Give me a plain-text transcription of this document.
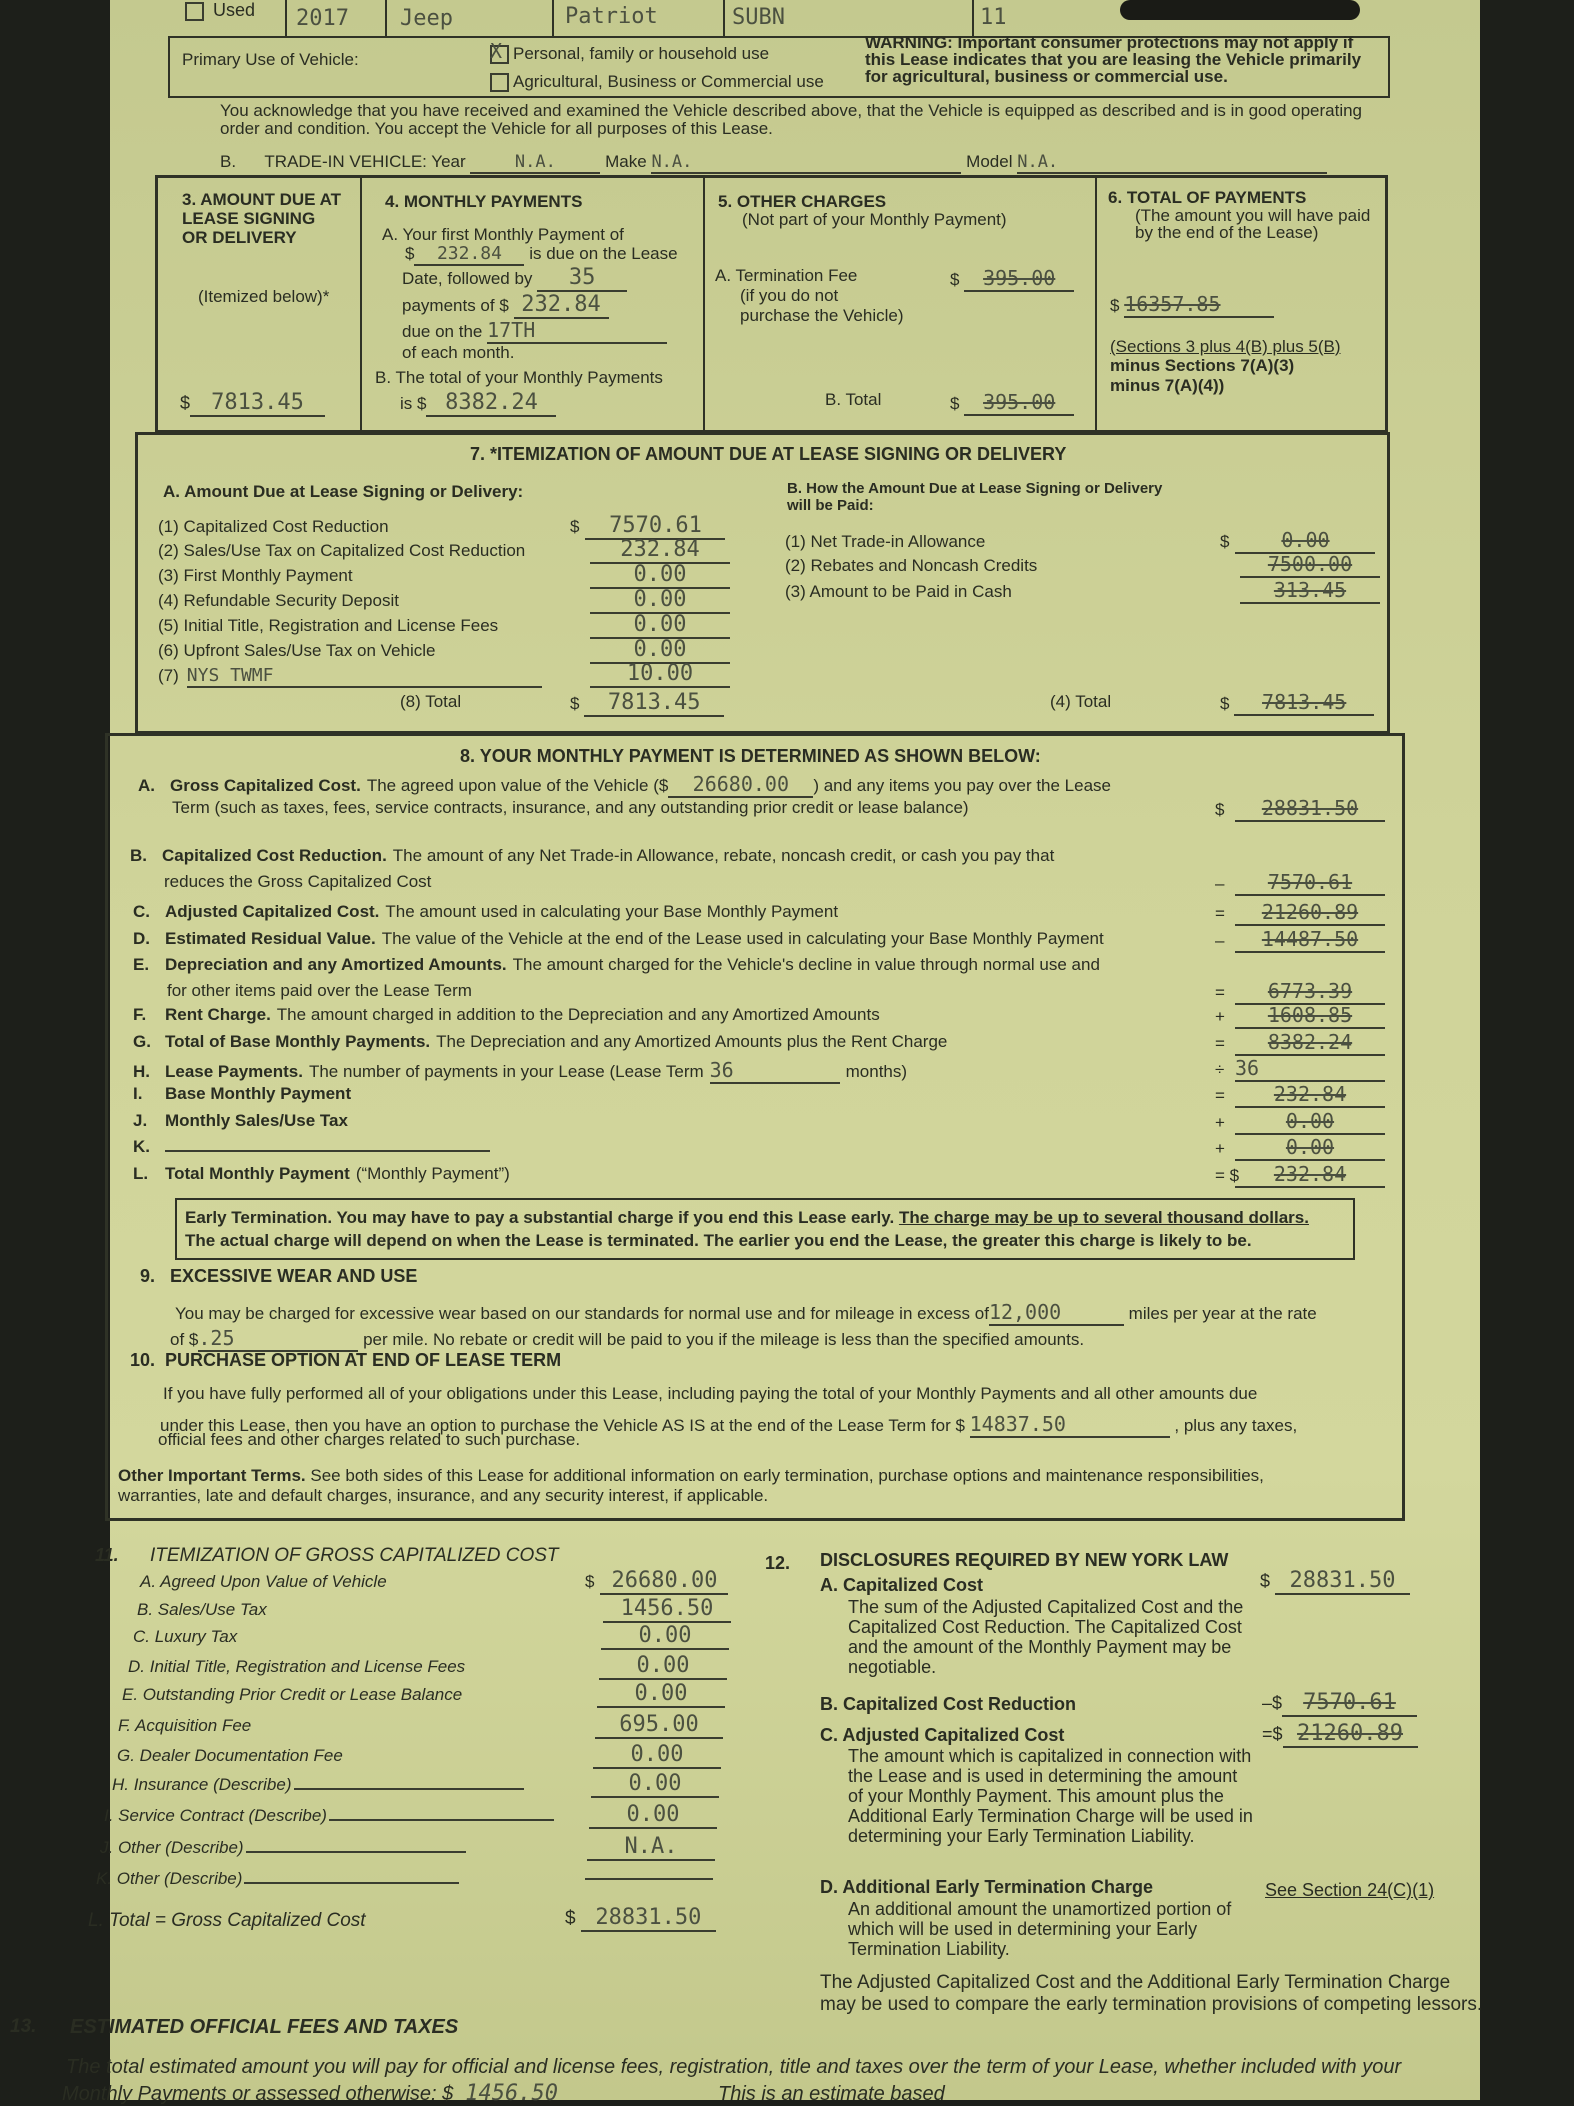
Used 2017 Jeep	Patriot	SUBN	11
Primary Use of Vehicle:	X Personal, family or household use
Agricultural, Business or Commercial use
WARNING: Important consumer protections may not apply if this Lease indicates that you are leasing the Vehicle primarily for agricultural, business or commercial use.
You acknowledge that you have received and examined the Vehicle described above, that the Vehicle is equipped as described and is in good operating order and condition. You accept the Vehicle for all purposes of this Lease.
B. TRADE-IN VEHICLE: Year	N.A.	Make N.A.	Model N.A.
3. AMOUNT DUE AT LEASE SIGNING OR DELIVERY
(Itemized below)*
$ 7813.45
4. MONTHLY PAYMENTS
A. Your first Monthly Payment of
$ 232.84 is due on the Lease
Date, followed by 35
payments of $ 232.84
due on the 17TH
of each month.
B. The total of your Monthly Payments
is $ 8382.24
5. OTHER CHARGES
(Not part of your Monthly Payment)
A. Termination Fee
(if you do not
purchase the Vehicle)
$ 395.00
B. Total	$ 395.00
6. TOTAL OF PAYMENTS
(The amount you will have paid by the end of the Lease)
$ 16357.85
(Sections 3 plus 4(B) plus 5(B)
minus Sections 7(A)(3)
minus 7(A)(4))
7. *ITEMIZATION OF AMOUNT DUE AT LEASE SIGNING OR DELIVERY
A. Amount Due at Lease Signing or Delivery:
(1) Capitalized Cost Reduction	$ 7570.61
(2) Sales/Use Tax on Capitalized Cost Reduction	232.84
(3) First Monthly Payment	0.00
(4) Refundable Security Deposit	0.00
(5) Initial Title, Registration and License Fees	0.00
(6) Upfront Sales/Use Tax on Vehicle	0.00
(7) NYS TWMF	10.00
(8) Total	$ 7813.45
B. How the Amount Due at Lease Signing or Delivery will be Paid:
(1) Net Trade-in Allowance	$	0.00
(2) Rebates and Noncash Credits	7500.00
(3) Amount to be Paid in Cash	313.45
(4) Total	$ 7813.45
8. YOUR MONTHLY PAYMENT IS DETERMINED AS SHOWN BELOW:
A. Gross Capitalized Cost. The agreed upon value of the Vehicle ($ 26680.00 ) and any items you pay over the Lease
Term (such as taxes, fees, service contracts, insurance, and any outstanding prior credit or lease balance)	$ 28831.50
B. Capitalized Cost Reduction. The amount of any Net Trade-in Allowance, rebate, noncash credit, or cash you pay that
reduces the Gross Capitalized Cost	– 7570.61
C. Adjusted Capitalized Cost. The amount used in calculating your Base Monthly Payment	= 21260.89
D. Estimated Residual Value. The value of the Vehicle at the end of the Lease used in calculating your Base Monthly Payment	– 14487.50
E. Depreciation and any Amortized Amounts. The amount charged for the Vehicle's decline in value through normal use and
for other items paid over the Lease Term	= 6773.39
F. Rent Charge. The amount charged in addition to the Depreciation and any Amortized Amounts	+ 1608.85
G. Total of Base Monthly Payments. The Depreciation and any Amortized Amounts plus the Rent Charge	= 8382.24
H. Lease Payments. The number of payments in your Lease (Lease Term 36	months)	÷ 36
I. Base Monthly Payment	= 232.84
J. Monthly Sales/Use Tax	+	0.00
K.	+	0.00
L. Total Monthly Payment (“Monthly Payment”)	= $ 232.84
Early Termination. You may have to pay a substantial charge if you end this Lease early. The charge may be up to several thousand dollars.
The actual charge will depend on when the Lease is terminated. The earlier you end the Lease, the greater this charge is likely to be.
9. EXCESSIVE WEAR AND USE
You may be charged for excessive wear based on our standards for normal use and for mileage in excess of12,000	miles per year at the rate
of $.25	per mile. No rebate or credit will be paid to you if the mileage is less than the specified amounts.
10. PURCHASE OPTION AT END OF LEASE TERM
If you have fully performed all of your obligations under this Lease, including paying the total of your Monthly Payments and all other amounts due
under this Lease, then you have an option to purchase the Vehicle AS IS at the end of the Lease Term for $ 14837.50	, plus any taxes,
official fees and other charges related to such purchase.
Other Important Terms. See both sides of this Lease for additional information on early termination, purchase options and maintenance responsibilities,
warranties, late and default charges, insurance, and any security interest, if applicable.
11. ITEMIZATION OF GROSS CAPITALIZED COST
A. Agreed Upon Value of Vehicle	$ 26680.00
B. Sales/Use Tax	1456.50
C. Luxury Tax	0.00
D. Initial Title, Registration and License Fees	0.00
E. Outstanding Prior Credit or Lease Balance	0.00
F. Acquisition Fee	695.00
G. Dealer Documentation Fee	0.00
H. Insurance (Describe)	0.00
I. Service Contract (Describe)	0.00
J. Other (Describe)	N.A.
K. Other (Describe)
L. Total = Gross Capitalized Cost	$ 28831.50
12. DISCLOSURES REQUIRED BY NEW YORK LAW
A. Capitalized Cost	$ 28831.50
The sum of the Adjusted Capitalized Cost and the Capitalized Cost Reduction. The Capitalized Cost and the amount of the Monthly Payment may be negotiable.
B. Capitalized Cost Reduction	–$ 7570.61
C. Adjusted Capitalized Cost	=$ 21260.89
The amount which is capitalized in connection with the Lease and is used in determining the amount of your Monthly Payment. This amount plus the Additional Early Termination Charge will be used in determining your Early Termination Liability.
D. Additional Early Termination Charge	See Section 24(C)(1)
An additional amount the unamortized portion of which will be used in determining your Early Termination Liability.
The Adjusted Capitalized Cost and the Additional Early Termination Charge may be used to compare the early termination provisions of competing lessors.
13. ESTIMATED OFFICIAL FEES AND TAXES
The total estimated amount you will pay for official and license fees, registration, title and taxes over the term of your Lease, whether included with your
Monthly Payments or assessed otherwise: $ 1456.50	This is an estimate based
